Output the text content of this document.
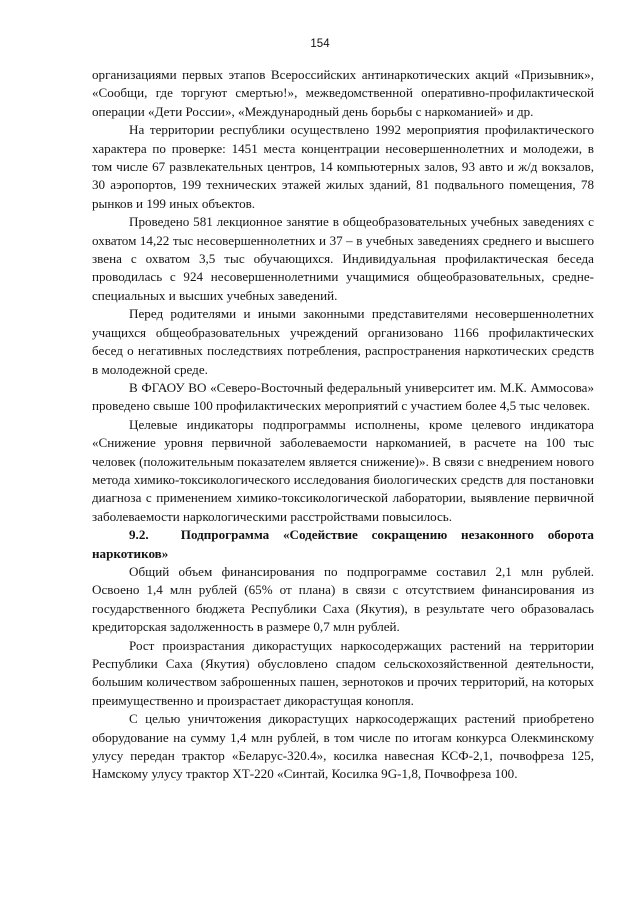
154

организациями первых этапов Всероссийских антинаркотических акций «Призывник», «Сообщи, где торгуют смертью!», межведомственной оперативно-профилактической операции «Дети России», «Международный день борьбы с наркоманией» и др.

На территории республики осуществлено 1992 мероприятия профилактического характера по проверке: 1451 места концентрации несовершеннолетних и молодежи, в том числе 67 развлекательных центров, 14 компьютерных залов, 93 авто и ж/д вокзалов, 30 аэропортов, 199 технических этажей жилых зданий, 81 подвального помещения, 78 рынков и 199 иных объектов.

Проведено 581 лекционное занятие в общеобразовательных учебных заведениях с охватом 14,22 тыс несовершеннолетних и 37 – в учебных заведениях среднего и высшего звена с охватом 3,5 тыс обучающихся. Индивидуальная профилактическая беседа проводилась с 924 несовершеннолетними учащимися общеобразовательных, средне-специальных и высших учебных заведений.

Перед родителями и иными законными представителями несовершеннолетних учащихся общеобразовательных учреждений организовано 1166 профилактических бесед о негативных последствиях потребления, распространения наркотических средств в молодежной среде.

В ФГАОУ ВО «Северо-Восточный федеральный университет им. М.К. Аммосова» проведено свыше 100 профилактических мероприятий с участием более 4,5 тыс человек.

Целевые индикаторы подпрограммы исполнены, кроме целевого индикатора «Снижение уровня первичной заболеваемости наркоманией, в расчете на 100 тыс человек (положительным показателем является снижение)». В связи с внедрением нового метода химико-токсикологического исследования биологических средств для постановки диагноза с применением химико-токсикологической лаборатории, выявление первичной заболеваемости наркологическими расстройствами повысилось.

9.2. Подпрограмма «Содействие сокращению незаконного оборота наркотиков»

Общий объем финансирования по подпрограмме составил 2,1 млн рублей. Освоено 1,4 млн рублей (65% от плана) в связи с отсутствием финансирования из государственного бюджета Республики Саха (Якутия), в результате чего образовалась кредиторская задолженность в размере 0,7 млн рублей.

Рост произрастания дикорастущих наркосодержащих растений на территории Республики Саха (Якутия) обусловлено спадом сельскохозяйственной деятельности, большим количеством заброшенных пашен, зернотоков и прочих территорий, на которых преимущественно и произрастает дикорастущая конопля.

С целью уничтожения дикорастущих наркосодержащих растений приобретено оборудование на сумму 1,4 млн рублей, в том числе по итогам конкурса Олекминскому улусу передан трактор «Беларус-320.4», косилка навесная КСФ-2,1, почвофреза 125, Намскому улусу трактор ХТ-220 «Синтай, Косилка 9G-1,8, Почвофреза 100.
